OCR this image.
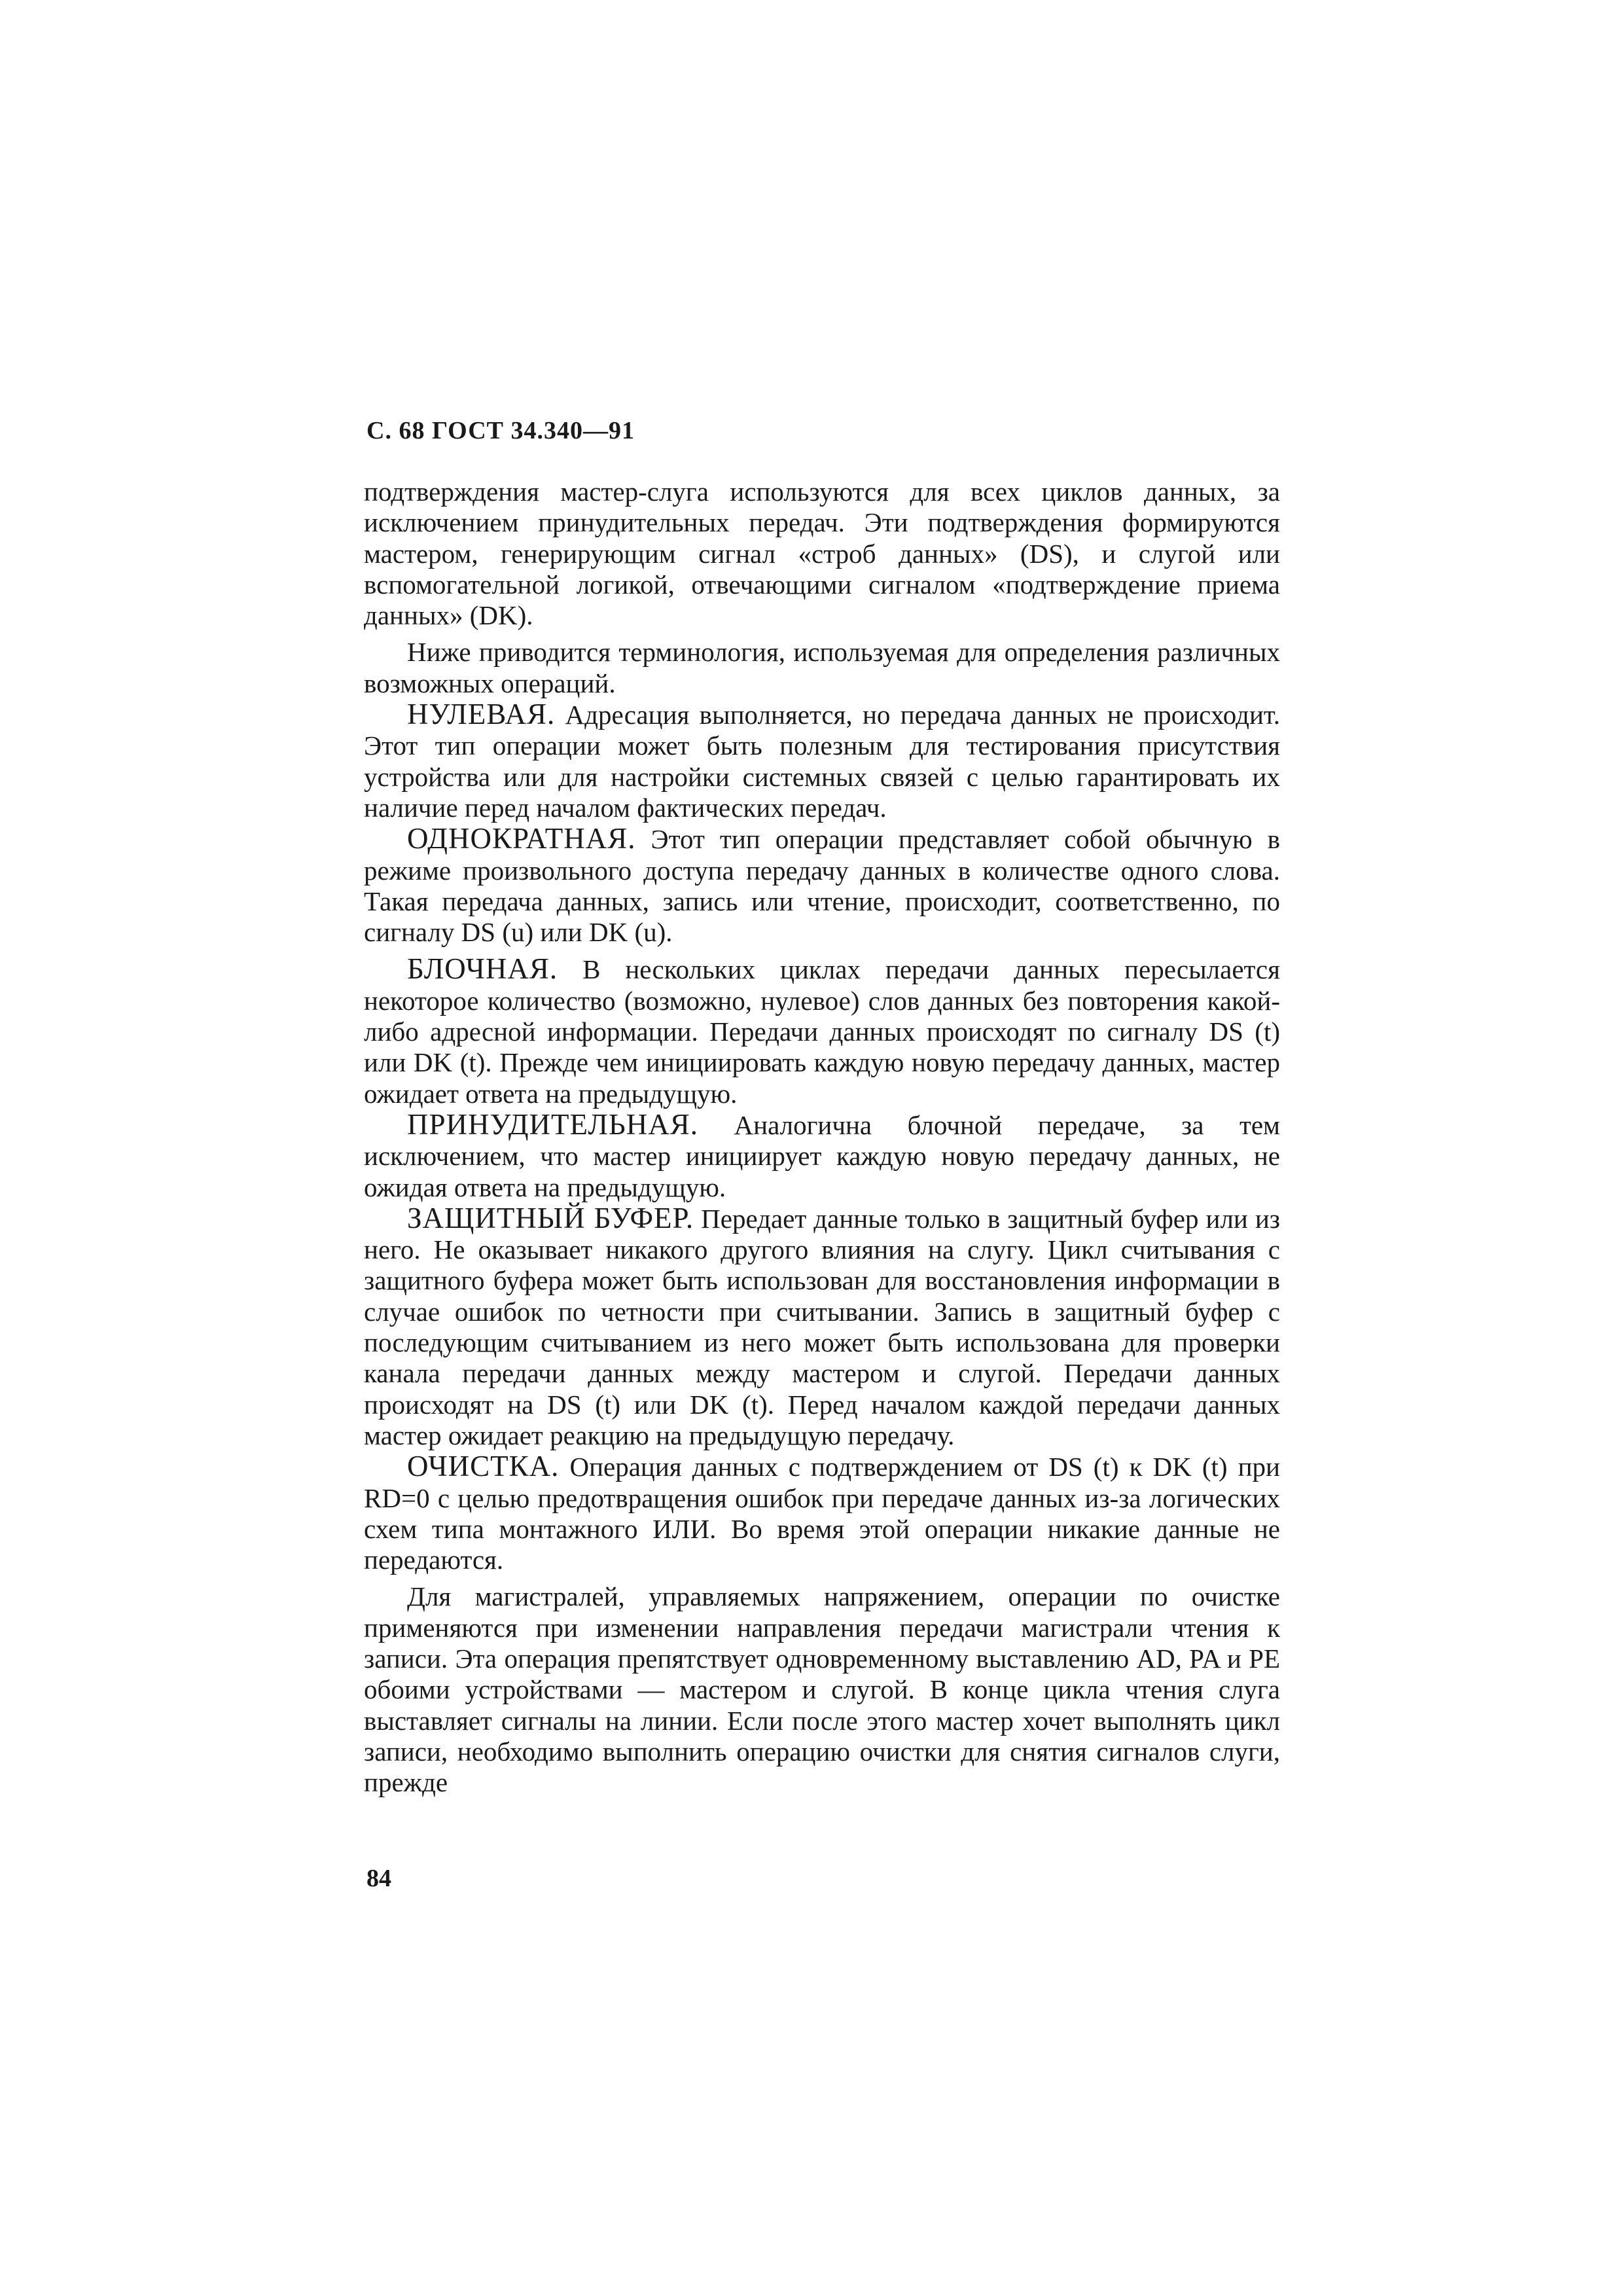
С. 68 ГОСТ 34.340—91

подтверждения мастер-слуга используются для всех циклов данных, за исключением принудительных передач. Эти подтверждения формируются мастером, генерирующим сигнал «строб данных» (DS), и слугой или вспомогательной логикой, отвечающими сигналом «подтверждение приема данных» (DK).

Ниже приводится терминология, используемая для определения различных возможных операций.

НУЛЕВАЯ. Адресация выполняется, но передача данных не происходит. Этот тип операции может быть полезным для тестирования присутствия устройства или для настройки системных связей с целью гарантировать их наличие перед началом фактических передач.

ОДНОКРАТНАЯ. Этот тип операции представляет собой обычную в режиме произвольного доступа передачу данных в количестве одного слова. Такая передача данных, запись или чтение, происходит, соответственно, по сигналу DS (u) или DK (u).

БЛОЧНАЯ. В нескольких циклах передачи данных пересылается некоторое количество (возможно, нулевое) слов данных без повторения какой-либо адресной информации. Передачи данных происходят по сигналу DS (t) или DK (t). Прежде чем инициировать каждую новую передачу данных, мастер ожидает ответа на предыдущую.

ПРИНУДИТЕЛЬНАЯ. Аналогична блочной передаче, за тем исключением, что мастер инициирует каждую новую передачу данных, не ожидая ответа на предыдущую.

ЗАЩИТНЫЙ БУФЕР. Передает данные только в защитный буфер или из него. Не оказывает никакого другого влияния на слугу. Цикл считывания с защитного буфера может быть использован для восстановления информации в случае ошибок по четности при считывании. Запись в защитный буфер с последующим считыванием из него может быть использована для проверки канала передачи данных между мастером и слугой. Передачи данных происходят на DS (t) или DK (t). Перед началом каждой передачи данных мастер ожидает реакцию на предыдущую передачу.

ОЧИСТКА. Операция данных с подтверждением от DS (t) к DK (t) при RD=0 с целью предотвращения ошибок при передаче данных из-за логических схем типа монтажного ИЛИ. Во время этой операции никакие данные не передаются.

Для магистралей, управляемых напряжением, операции по очистке применяются при изменении направления передачи магистрали чтения к записи. Эта операция препятствует одновременному выставлению AD, PA и PE обоими устройствами — мастером и слугой. В конце цикла чтения слуга выставляет сигналы на линии. Если после этого мастер хочет выполнять цикл записи, необходимо выполнить операцию очистки для снятия сигналов слуги, прежде

84
